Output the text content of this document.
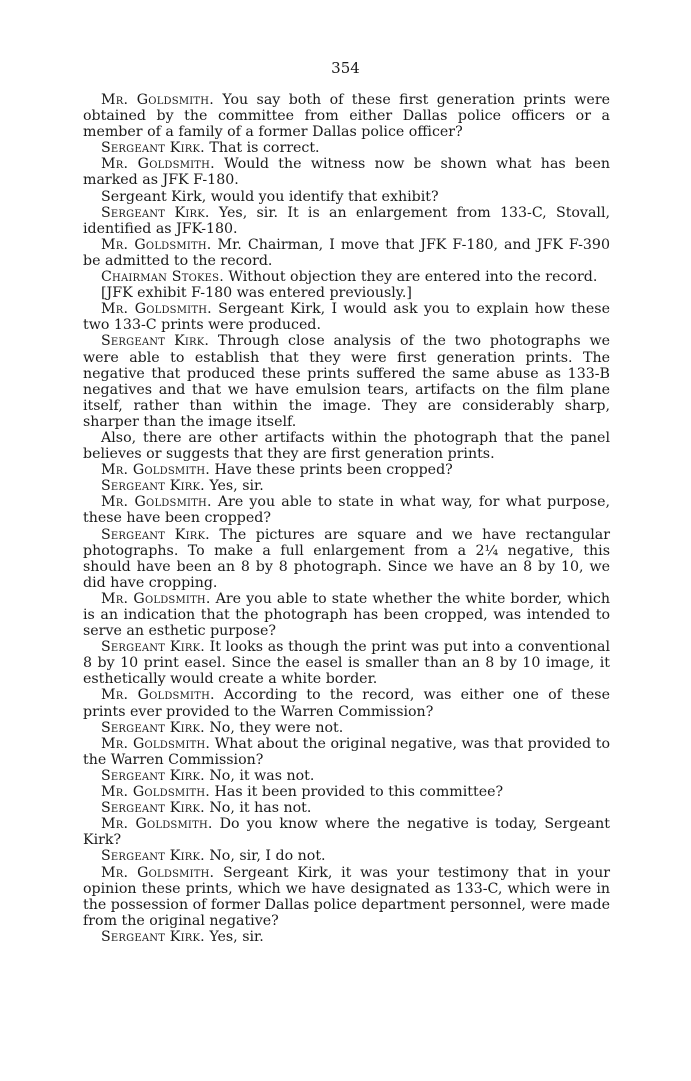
354

Mr. Goldsmith. You say both of these first generation prints were obtained by the committee from either Dallas police officers or a member of a family of a former Dallas police officer?

Sergeant Kirk. That is correct.

Mr. Goldsmith. Would the witness now be shown what has been marked as JFK F-180.

Sergeant Kirk, would you identify that exhibit?

Sergeant Kirk. Yes, sir. It is an enlargement from 133-C, Stovall, identified as JFK-180.

Mr. Goldsmith. Mr. Chairman, I move that JFK F-180, and JFK F-390 be admitted to the record.

Chairman Stokes. Without objection they are entered into the record.

[JFK exhibit F-180 was entered previously.]

Mr. Goldsmith. Sergeant Kirk, I would ask you to explain how these two 133-C prints were produced.

Sergeant Kirk. Through close analysis of the two photographs we were able to establish that they were first generation prints. The negative that produced these prints suffered the same abuse as 133-B negatives and that we have emulsion tears, artifacts on the film plane itself, rather than within the image. They are considerably sharp, sharper than the image itself.

Also, there are other artifacts within the photograph that the panel believes or suggests that they are first generation prints.

Mr. Goldsmith. Have these prints been cropped?

Sergeant Kirk. Yes, sir.

Mr. Goldsmith. Are you able to state in what way, for what purpose, these have been cropped?

Sergeant Kirk. The pictures are square and we have rectangular photographs. To make a full enlargement from a 2¼ negative, this should have been an 8 by 8 photograph. Since we have an 8 by 10, we did have cropping.

Mr. Goldsmith. Are you able to state whether the white border, which is an indication that the photograph has been cropped, was intended to serve an esthetic purpose?

Sergeant Kirk. It looks as though the print was put into a conventional 8 by 10 print easel. Since the easel is smaller than an 8 by 10 image, it esthetically would create a white border.

Mr. Goldsmith. According to the record, was either one of these prints ever provided to the Warren Commission?

Sergeant Kirk. No, they were not.

Mr. Goldsmith. What about the original negative, was that provided to the Warren Commission?

Sergeant Kirk. No, it was not.

Mr. Goldsmith. Has it been provided to this committee?

Sergeant Kirk. No, it has not.

Mr. Goldsmith. Do you know where the negative is today, Sergeant Kirk?

Sergeant Kirk. No, sir, I do not.

Mr. Goldsmith. Sergeant Kirk, it was your testimony that in your opinion these prints, which we have designated as 133-C, which were in the possession of former Dallas police department personnel, were made from the original negative?

Sergeant Kirk. Yes, sir.
